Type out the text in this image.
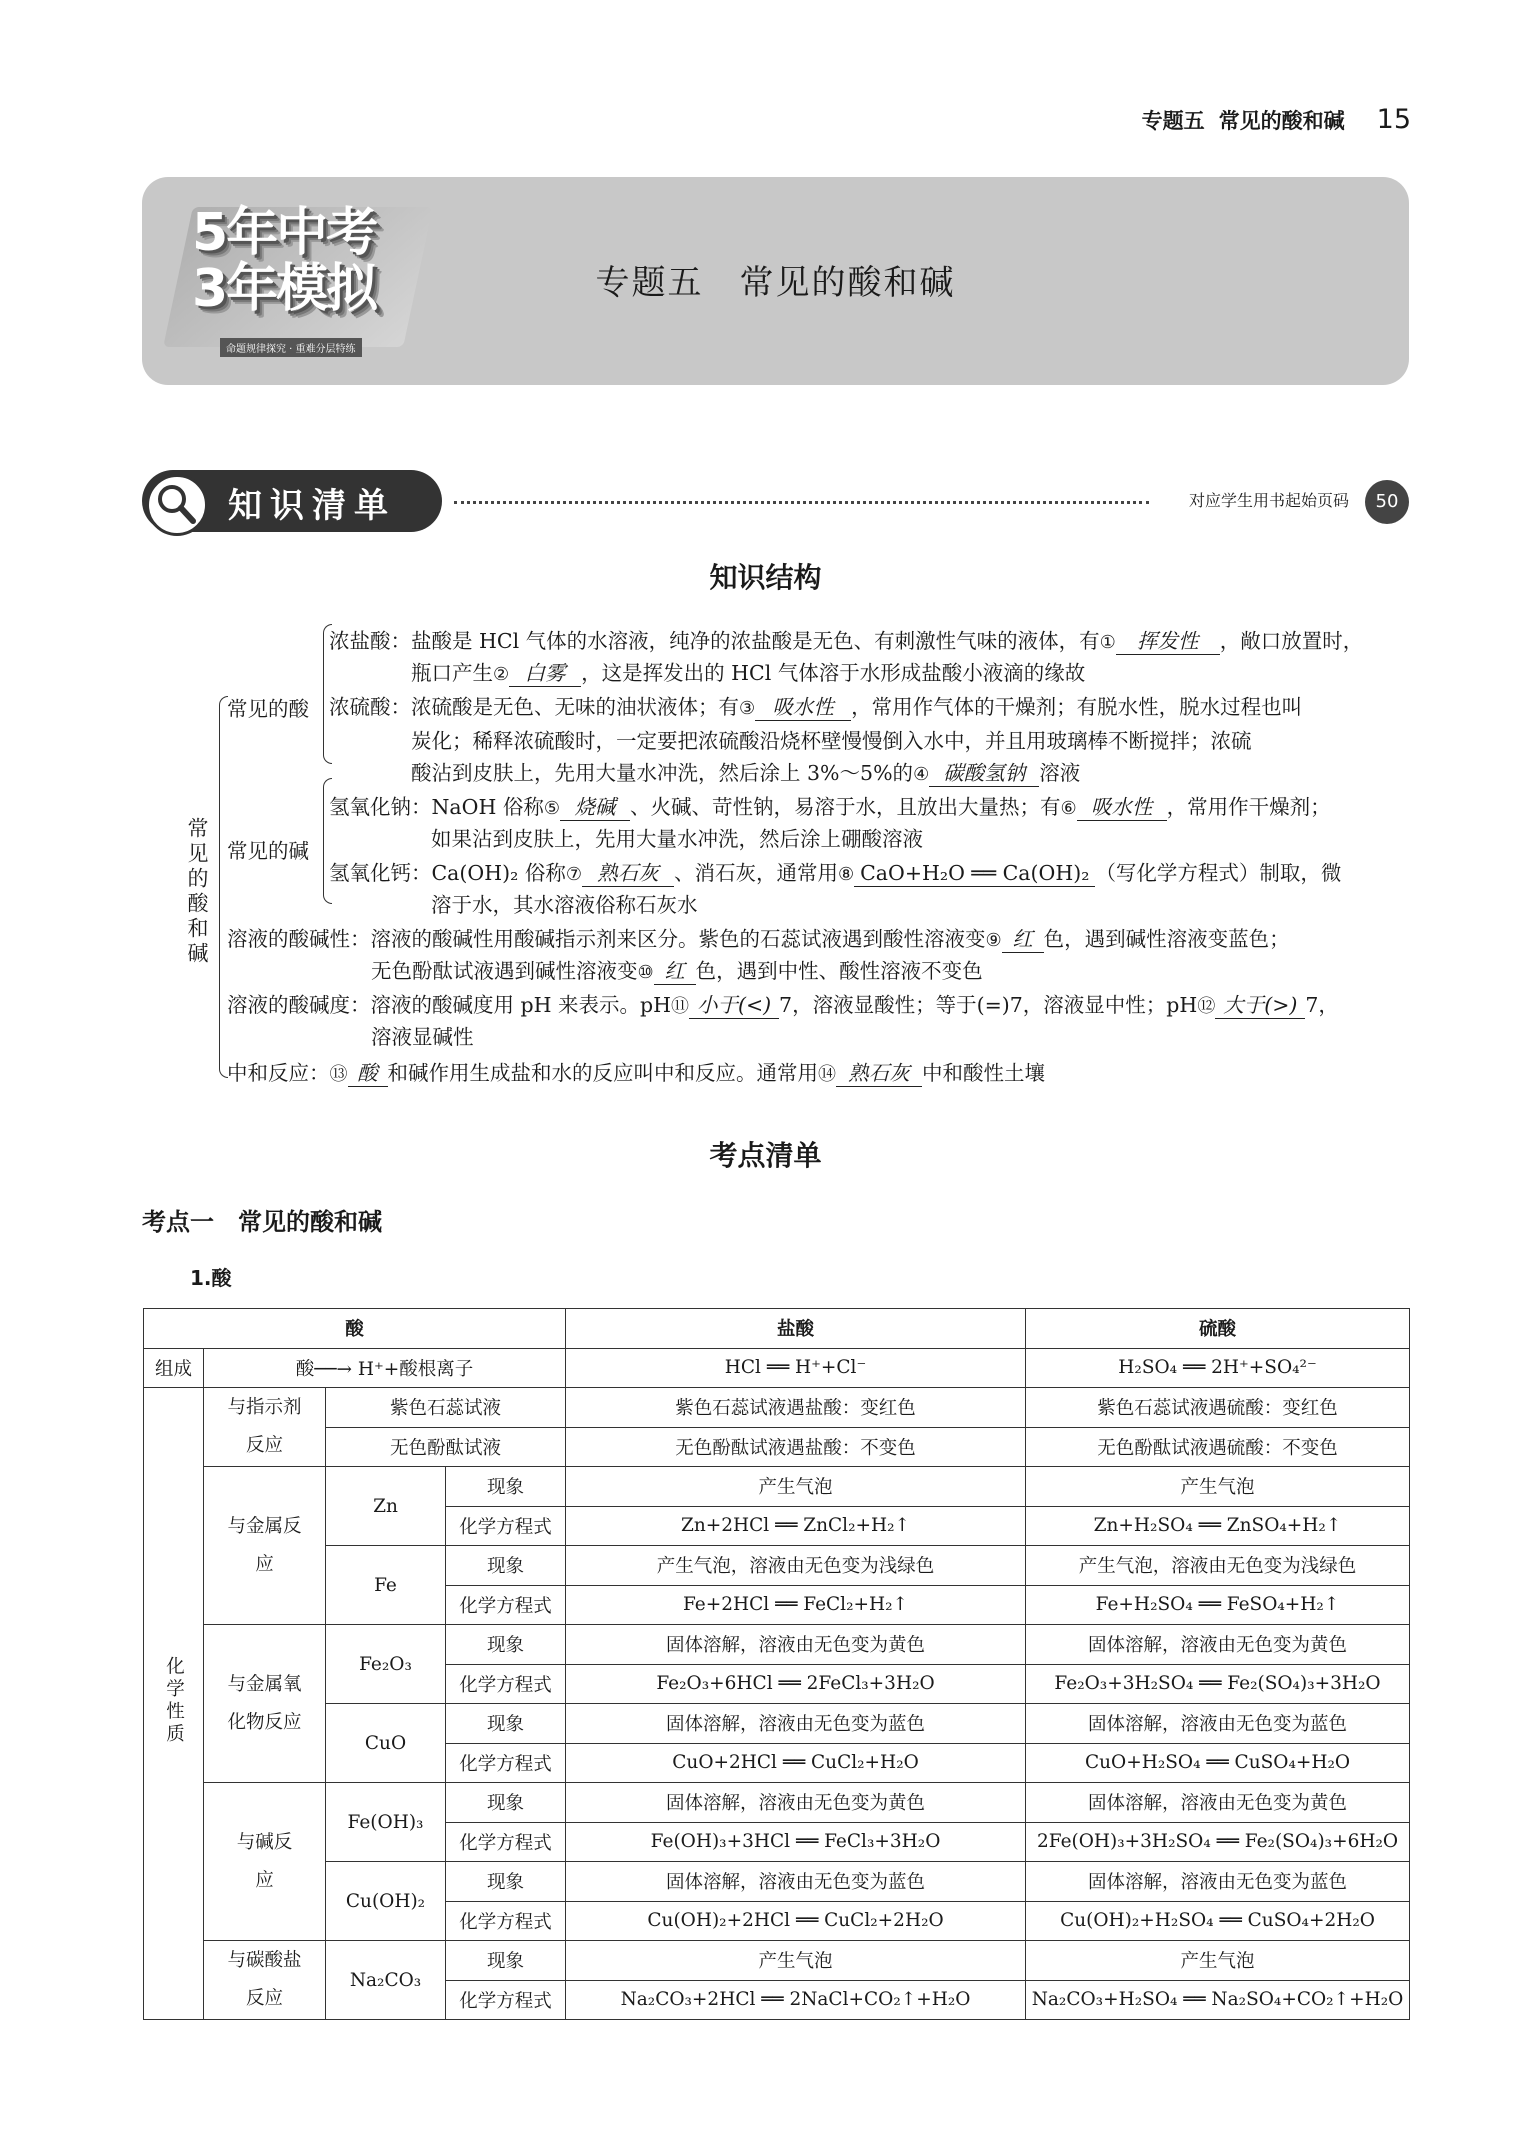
专题五 常见的酸和碱 15
5年中考
3年模拟
命题规律探究 · 重难分层特练
专题五　常见的酸和碱
知识清单	对应学生用书起始页码	50
知识结构
常见的酸和碱
常见的酸
常见的碱
浓盐酸：盐酸是 HCl 气体的水溶液，纯净的浓盐酸是无色、有刺激性气味的液体，有① 挥发性 ，敞口放置时，
瓶口产生② 白雾 ，这是挥发出的 HCl 气体溶于水形成盐酸小液滴的缘故
浓硫酸：浓硫酸是无色、无味的油状液体；有③ 吸水性 ，常用作气体的干燥剂；有脱水性，脱水过程也叫
炭化；稀释浓硫酸时，一定要把浓硫酸沿烧杯壁慢慢倒入水中，并且用玻璃棒不断搅拌；浓硫
酸沾到皮肤上，先用大量水冲洗，然后涂上 3%～5%的④ 碳酸氢钠 溶液
氢氧化钠：NaOH 俗称⑤ 烧碱 、火碱、苛性钠，易溶于水，且放出大量热；有⑥ 吸水性 ，常用作干燥剂；
如果沾到皮肤上，先用大量水冲洗，然后涂上硼酸溶液
氢氧化钙：Ca(OH)₂ 俗称⑦ 熟石灰 、消石灰，通常用⑧ CaO+H₂O ══ Ca(OH)₂ （写化学方程式）制取，微
溶于水，其水溶液俗称石灰水
溶液的酸碱性：溶液的酸碱性用酸碱指示剂来区分。紫色的石蕊试液遇到酸性溶液变⑨ 红 色，遇到碱性溶液变蓝色；
无色酚酞试液遇到碱性溶液变⑩ 红 色，遇到中性、酸性溶液不变色
溶液的酸碱度：溶液的酸碱度用 pH 来表示。pH⑪ 小于(<) 7，溶液显酸性；等于(=)7，溶液显中性；pH⑫ 大于(>) 7，
溶液显碱性
中和反应：⑬ 酸 和碱作用生成盐和水的反应叫中和反应。通常用⑭ 熟石灰 中和酸性土壤
考点清单
考点一　常见的酸和碱
1.酸
酸				盐酸	硫酸
组成	酸──→ H⁺+酸根离子			HCl ══ H⁺+Cl⁻	H₂SO₄ ══ 2H⁺+SO₄²⁻
化学性质	与指示剂反应	紫色石蕊试液		紫色石蕊试液遇盐酸：变红色	紫色石蕊试液遇硫酸：变红色
		无色酚酞试液		无色酚酞试液遇盐酸：不变色	无色酚酞试液遇硫酸：不变色
	与金属反应	Zn	现象	产生气泡	产生气泡
			化学方程式	Zn+2HCl ══ ZnCl₂+H₂↑	Zn+H₂SO₄ ══ ZnSO₄+H₂↑
		Fe	现象	产生气泡，溶液由无色变为浅绿色	产生气泡，溶液由无色变为浅绿色
			化学方程式	Fe+2HCl ══ FeCl₂+H₂↑	Fe+H₂SO₄ ══ FeSO₄+H₂↑
	与金属氧化物反应	Fe₂O₃	现象	固体溶解，溶液由无色变为黄色	固体溶解，溶液由无色变为黄色
			化学方程式	Fe₂O₃+6HCl ══ 2FeCl₃+3H₂O	Fe₂O₃+3H₂SO₄ ══ Fe₂(SO₄)₃+3H₂O
		CuO	现象	固体溶解，溶液由无色变为蓝色	固体溶解，溶液由无色变为蓝色
			化学方程式	CuO+2HCl ══ CuCl₂+H₂O	CuO+H₂SO₄ ══ CuSO₄+H₂O
	与碱反应	Fe(OH)₃	现象	固体溶解，溶液由无色变为黄色	固体溶解，溶液由无色变为黄色
			化学方程式	Fe(OH)₃+3HCl ══ FeCl₃+3H₂O	2Fe(OH)₃+3H₂SO₄ ══ Fe₂(SO₄)₃+6H₂O
		Cu(OH)₂	现象	固体溶解，溶液由无色变为蓝色	固体溶解，溶液由无色变为蓝色
			化学方程式	Cu(OH)₂+2HCl ══ CuCl₂+2H₂O	Cu(OH)₂+H₂SO₄ ══ CuSO₄+2H₂O
	与碳酸盐反应	Na₂CO₃	现象	产生气泡	产生气泡
			化学方程式	Na₂CO₃+2HCl ══ 2NaCl+CO₂↑+H₂O	Na₂CO₃+H₂SO₄ ══ Na₂SO₄+CO₂↑+H₂O
